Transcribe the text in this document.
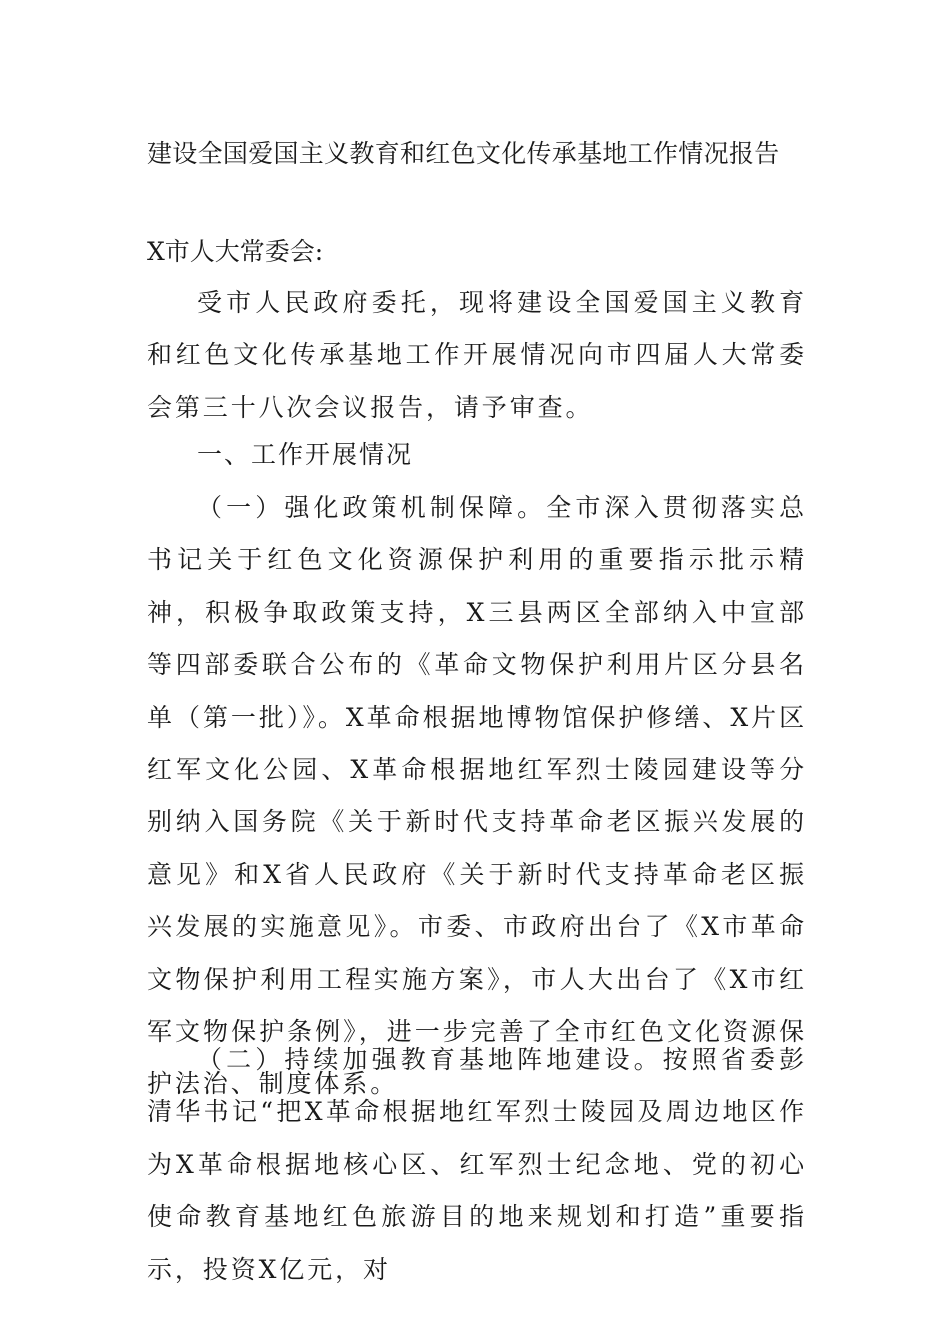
建设全国爱国主义教育和红色文化传承基地工作情况报告
X市人大常委会:

受市人民政府委托，现将建设全国爱国主义教育和红色文化传承基地工作开展情况向市四届人大常委会第三十八次会议报告，请予审查。

一、工作开展情况

（一）强化政策机制保障。全市深入贯彻落实总书记关于红色文化资源保护利用的重要指示批示精神，积极争取政策支持，X三县两区全部纳入中宣部等四部委联合公布的《革命文物保护利用片区分县名单（第一批）》。X革命根据地博物馆保护修缮、X片区红军文化公园、X革命根据地红军烈士陵园建设等分别纳入国务院《关于新时代支持革命老区振兴发展的意见》和X省人民政府《关于新时代支持革命老区振兴发展的实施意见》。市委、市政府出台了《X市革命文物保护利用工程实施方案》，市人大出台了《X市红军文物保护条例》，进一步完善了全市红色文化资源保护法治、制度体系。

（二）持续加强教育基地阵地建设。按照省委彭清华书记“把X革命根据地红军烈士陵园及周边地区作为X革命根据地核心区、红军烈士纪念地、党的初心使命教育基地红色旅游目的地来规划和打造”重要指示，投资X亿元，对
